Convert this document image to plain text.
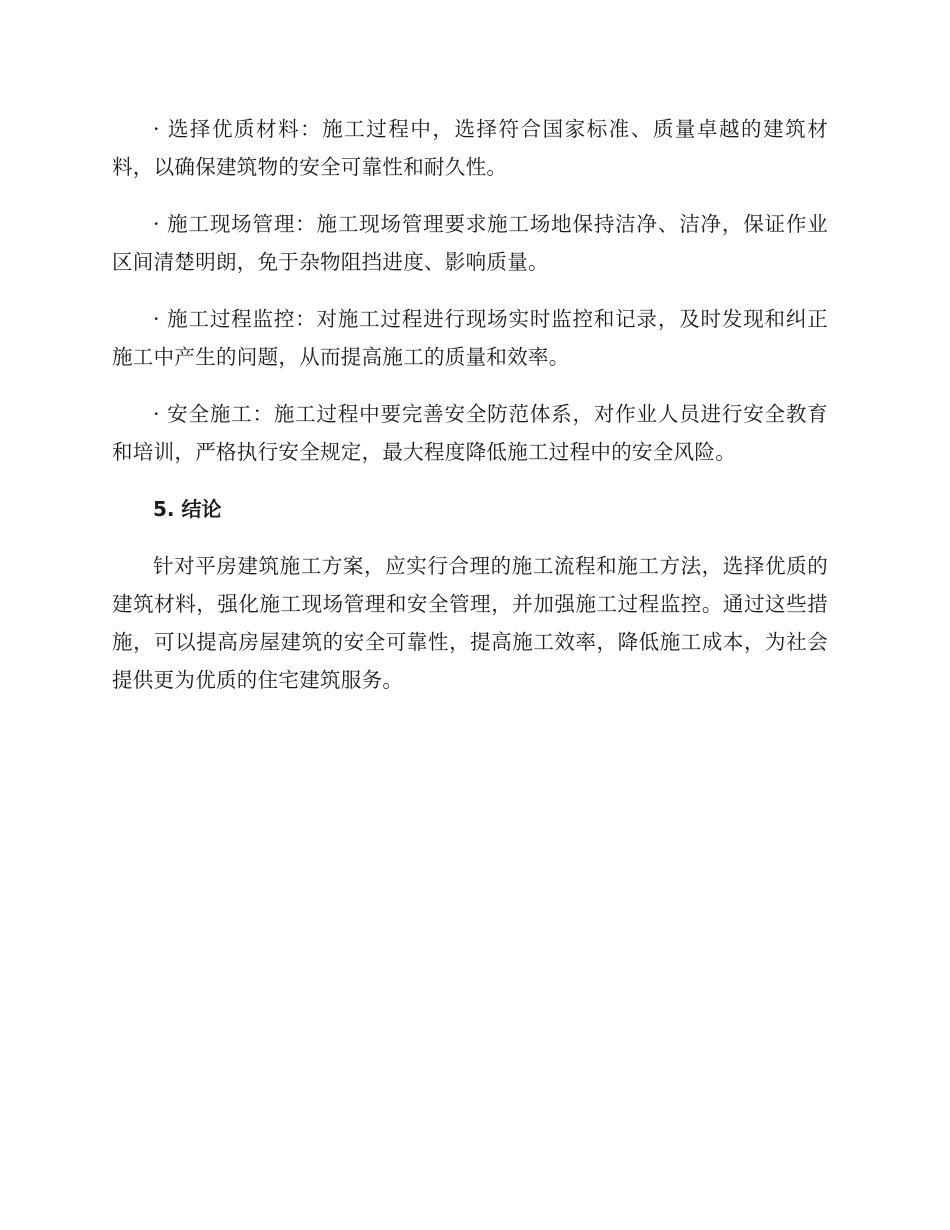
· 选择优质材料：施工过程中，选择符合国家标准、质量卓越的建筑材料，以确保建筑物的安全可靠性和耐久性。

· 施工现场管理：施工现场管理要求施工场地保持洁净、洁净，保证作业区间清楚明朗，免于杂物阻挡进度、影响质量。

· 施工过程监控：对施工过程进行现场实时监控和记录，及时发现和纠正施工中产生的问题，从而提高施工的质量和效率。

· 安全施工：施工过程中要完善安全防范体系，对作业人员进行安全教育和培训，严格执行安全规定，最大程度降低施工过程中的安全风险。

5. 结论

针对平房建筑施工方案，应实行合理的施工流程和施工方法，选择优质的建筑材料，强化施工现场管理和安全管理，并加强施工过程监控。通过这些措施，可以提高房屋建筑的安全可靠性，提高施工效率，降低施工成本，为社会提供更为优质的住宅建筑服务。
